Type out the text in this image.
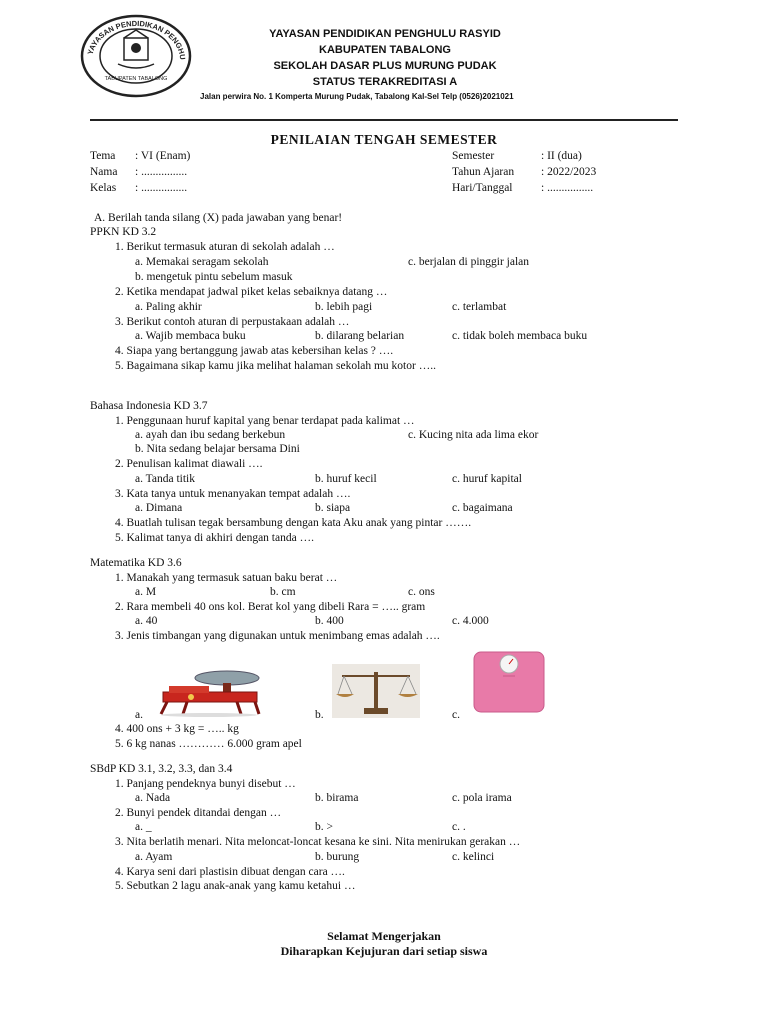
YAYASAN PENDIDIKAN PENGHU
TABUPATEN TABALONG
YAYASAN PENDIDIKAN PENGHULU RASYID
KABUPATEN TABALONG
SEKOLAH DASAR PLUS MURUNG PUDAK
STATUS TERAKREDITASI A
Jalan perwira No. 1 Komperta Murung Pudak, Tabalong Kal-Sel Telp (0526)2021021
PENILAIAN TENGAH SEMESTER
Tema : VI (Enam)
Nama : ................
Kelas : ................
Semester	: II (dua)
Tahun Ajaran : 2022/2023
Hari/Tanggal : ................
A. Berilah tanda silang (X) pada jawaban yang benar!
PPKN KD 3.2
1. Berikut termasuk aturan di sekolah adalah …
a. Memakai seragam sekolah	c. berjalan di pinggir jalan
b. mengetuk pintu sebelum masuk
2. Ketika mendapat jadwal piket kelas sebaiknya datang …
a. Paling akhir	b. lebih pagi	c. terlambat
3. Berikut contoh aturan di perpustakaan adalah …
a. Wajib membaca buku	b. dilarang belarian	c. tidak boleh membaca buku
4. Siapa yang bertanggung jawab atas kebersihan kelas ? ….
5. Bagaimana sikap kamu jika melihat halaman sekolah mu kotor …..
Bahasa Indonesia KD 3.7
1. Penggunaan huruf kapital yang benar terdapat pada kalimat …
a. ayah dan ibu sedang berkebun	c. Kucing nita ada lima ekor
b. Nita sedang belajar bersama Dini
2. Penulisan kalimat diawali ….
a. Tanda titik	b. huruf kecil	c. huruf kapital
3. Kata tanya untuk menanyakan tempat adalah ….
a. Dimana	b. siapa	c. bagaimana
4. Buatlah tulisan tegak bersambung dengan kata Aku anak yang pintar …….
5. Kalimat tanya di akhiri dengan tanda ….
Matematika KD 3.6
1. Manakah yang termasuk satuan baku berat …
a. M	b. cm	c. ons
2. Rara membeli 40 ons kol. Berat kol yang dibeli Rara = ….. gram
a. 40	b. 400	c. 4.000
3. Jenis timbangan yang digunakan untuk menimbang emas adalah ….
a.	b.	c.
4. 400 ons + 3 kg = ….. kg
5. 6 kg nanas ………… 6.000 gram apel
SBdP KD 3.1, 3.2, 3.3, dan 3.4
1. Panjang pendeknya bunyi disebut …
a. Nada	b. birama	c. pola irama
2. Bunyi pendek ditandai dengan …
a. _	b. >	c. .
3. Nita berlatih menari. Nita meloncat-loncat kesana ke sini. Nita menirukan gerakan …
a. Ayam	b. burung	c. kelinci
4. Karya seni dari plastisin dibuat dengan cara ….
5. Sebutkan 2 lagu anak-anak yang kamu ketahui …
Selamat Mengerjakan
Diharapkan Kejujuran dari setiap siswa
